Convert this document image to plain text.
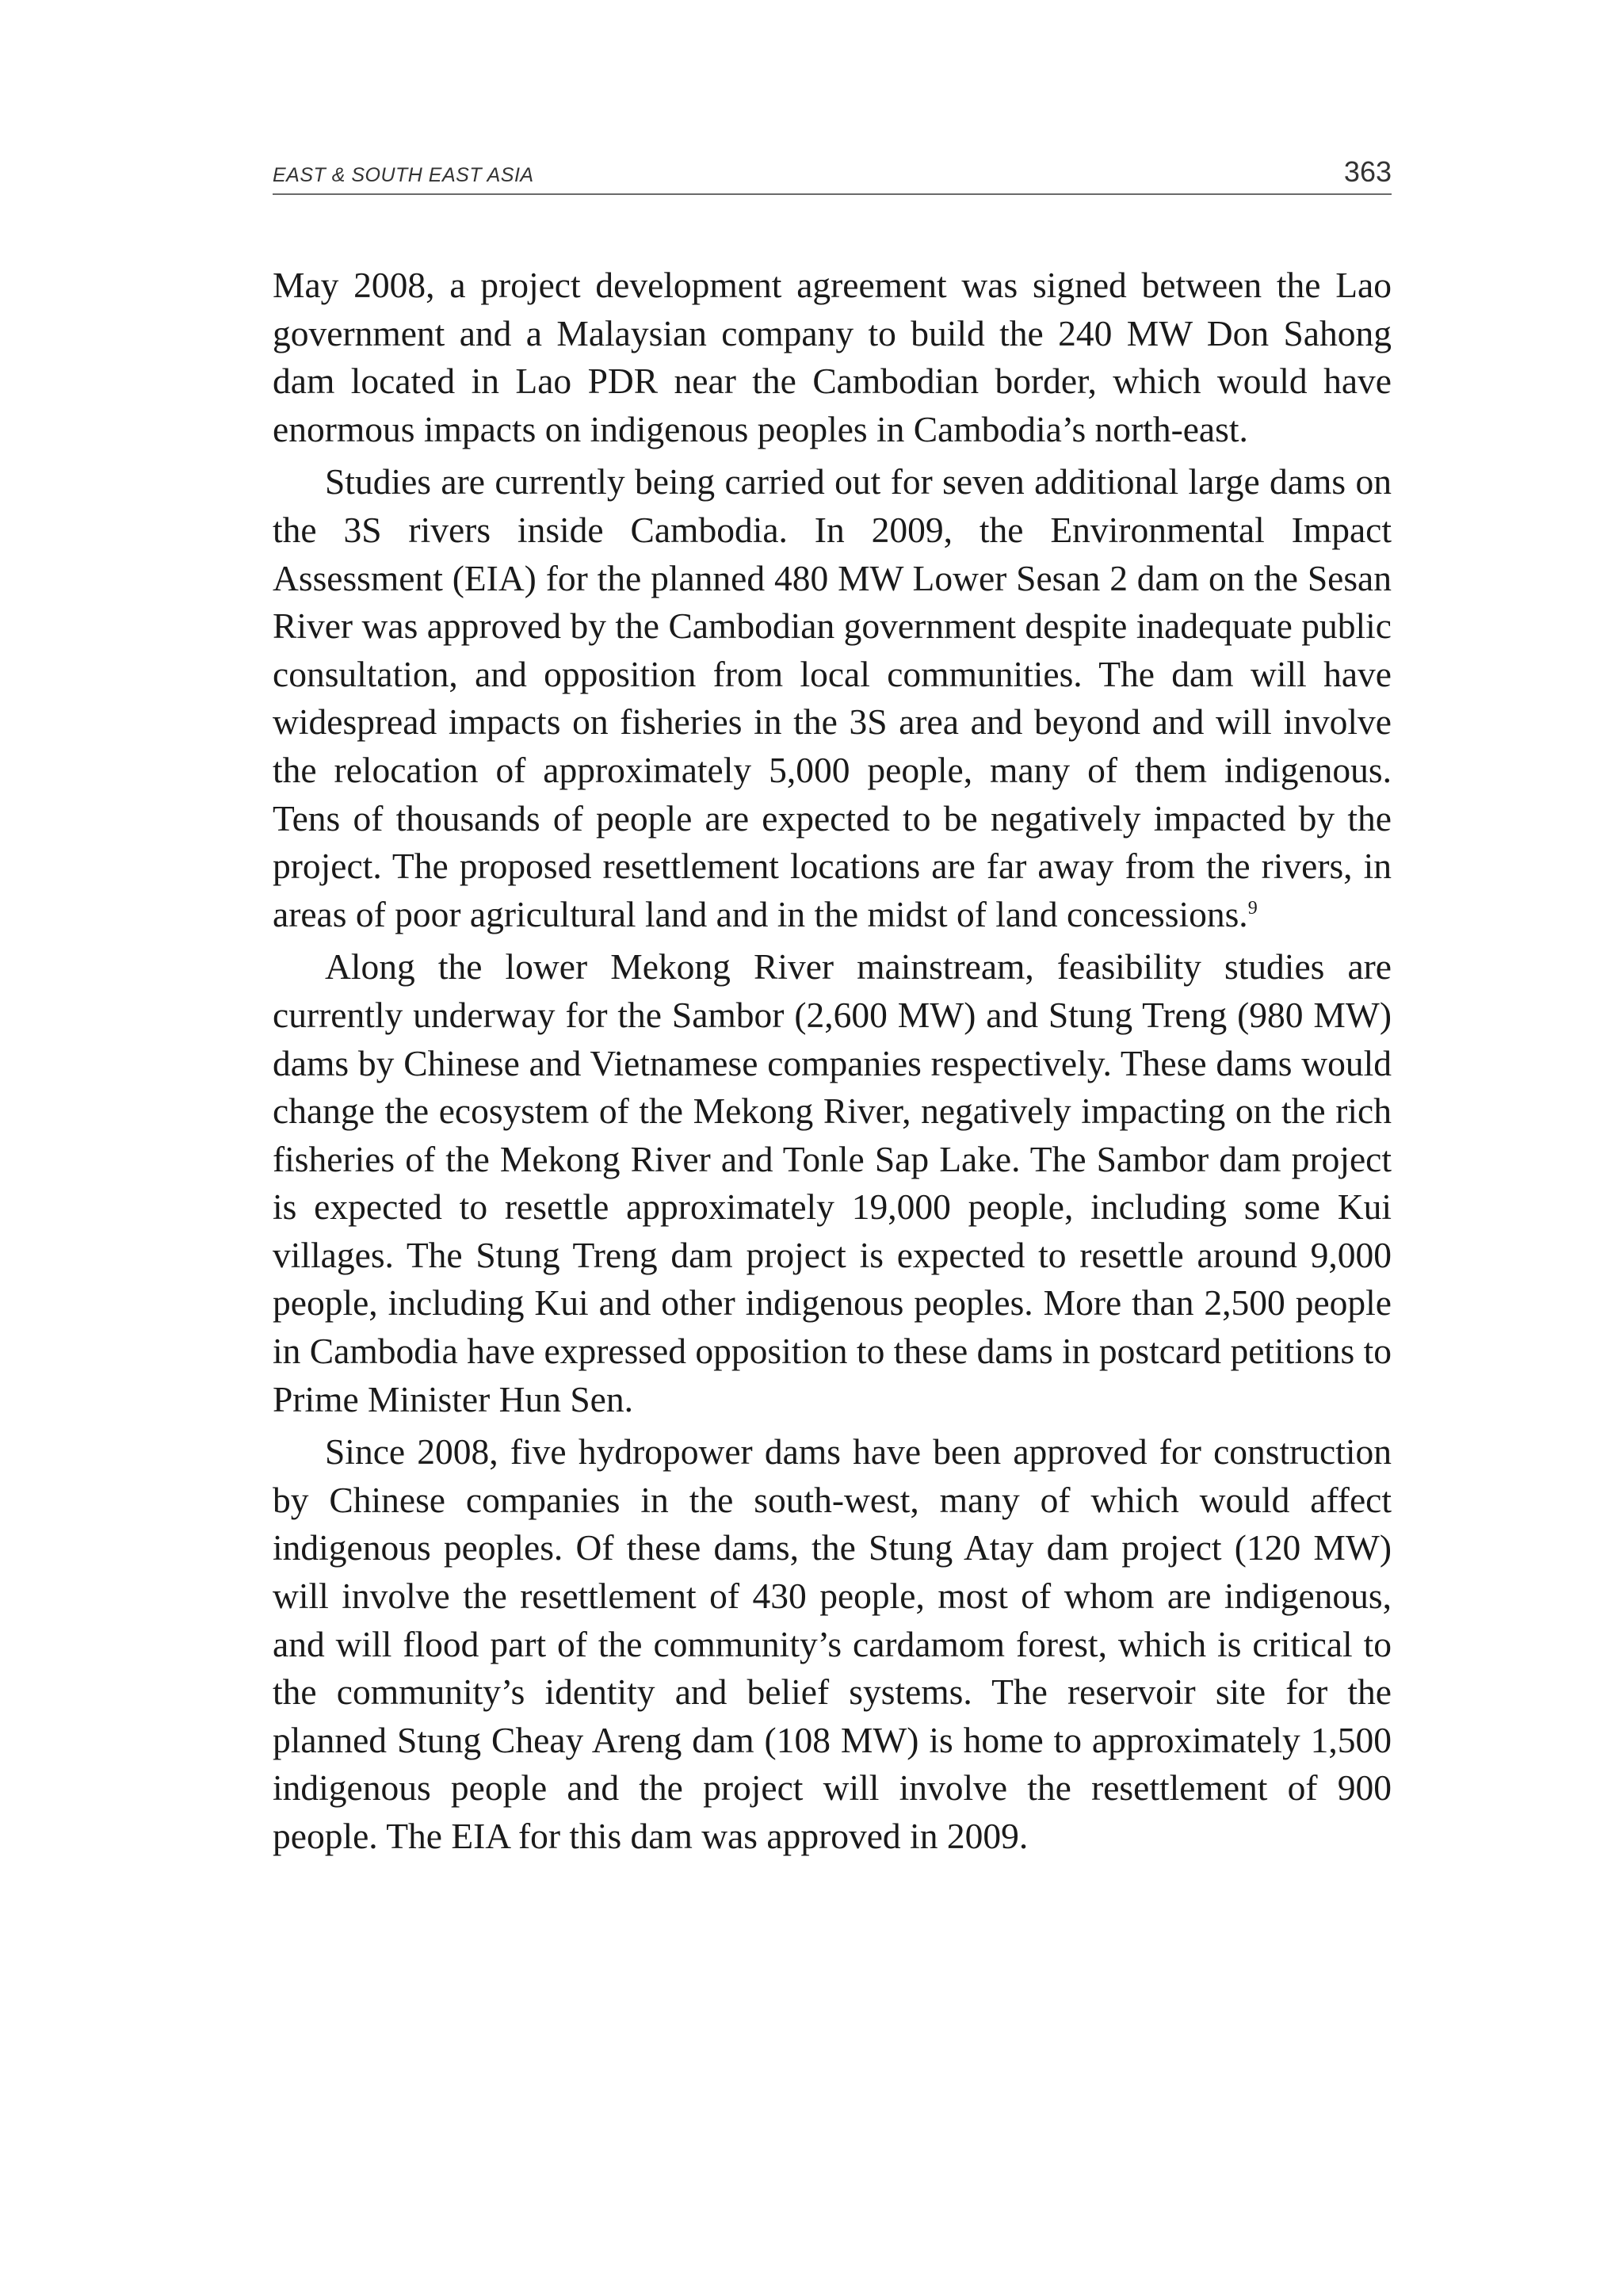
EAST & SOUTH EAST ASIA	363

May 2008, a project development agreement was signed between the Lao government and a Malaysian company to build the 240 MW Don Sahong dam located in Lao PDR near the Cambodian border, which would have enormous impacts on indigenous peoples in Cambodia’s north-east.

Studies are currently being carried out for seven additional large dams on the 3S rivers inside Cambodia. In 2009, the Environmental Impact Assessment (EIA) for the planned 480 MW Lower Sesan 2 dam on the Sesan River was approved by the Cambodian government despite inadequate public consultation, and opposition from local communities. The dam will have widespread impacts on fisheries in the 3S area and beyond and will involve the relocation of approximately 5,000 people, many of them indigenous. Tens of thousands of people are expected to be negatively impacted by the project. The proposed resettlement locations are far away from the rivers, in areas of poor agricultural land and in the midst of land concessions.$^9$

Along the lower Mekong River mainstream, feasibility studies are currently underway for the Sambor (2,600 MW) and Stung Treng (980 MW) dams by Chinese and Vietnamese companies respectively. These dams would change the ecosystem of the Mekong River, negatively impacting on the rich fisheries of the Mekong River and Tonle Sap Lake. The Sambor dam project is expected to resettle approximately 19,000 people, including some Kui villages. The Stung Treng dam project is expected to resettle around 9,000 people, including Kui and other indigenous peoples. More than 2,500 people in Cambodia have expressed opposition to these dams in postcard petitions to Prime Minister Hun Sen.

Since 2008, five hydropower dams have been approved for construction by Chinese companies in the south-west, many of which would affect indigenous peoples. Of these dams, the Stung Atay dam project (120 MW) will involve the resettlement of 430 people, most of whom are indigenous, and will flood part of the community’s cardamom forest, which is critical to the community’s identity and belief systems. The reservoir site for the planned Stung Cheay Areng dam (108 MW) is home to approximately 1,500 indigenous people and the project will involve the resettlement of 900 people. The EIA for this dam was approved in 2009.
